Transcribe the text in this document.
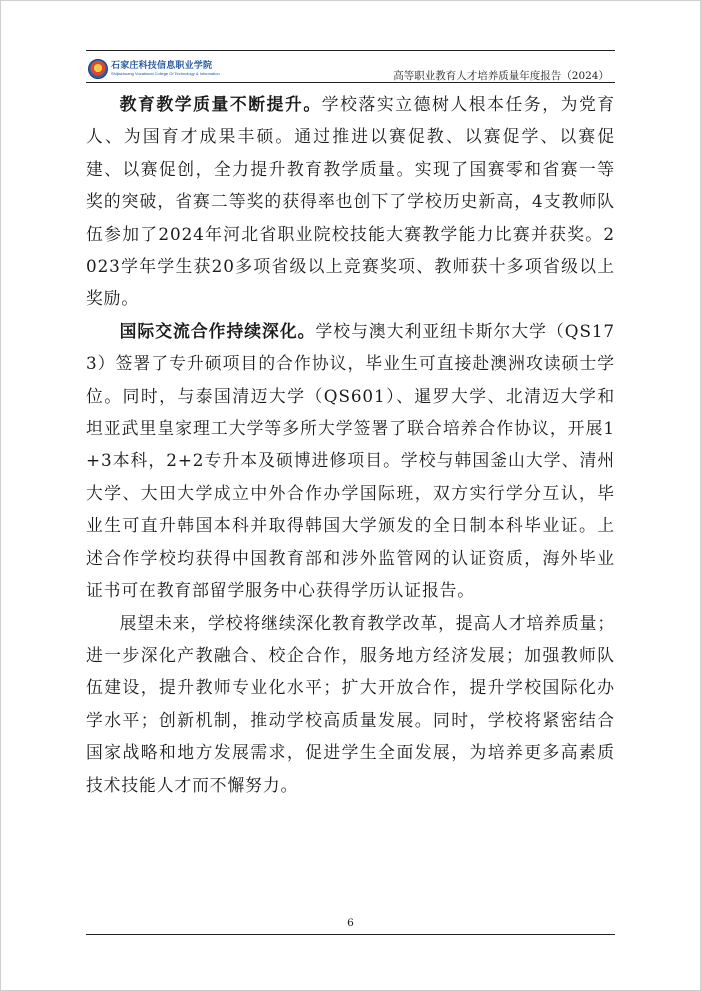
石家庄科技信息职业学院
Shijiazhuang Vocational College Of Technology & Information	高等职业教育人才培养质量年度报告（2024）

教育教学质量不断提升。学校落实立德树人根本任务，为党育人、为国育才成果丰硕。通过推进以赛促教、以赛促学、以赛促建、以赛促创，全力提升教育教学质量。实现了国赛零和省赛一等奖的突破，省赛二等奖的获得率也创下了学校历史新高，4支教师队伍参加了2024年河北省职业院校技能大赛教学能力比赛并获奖。2023学年学生获20多项省级以上竞赛奖项、教师获十多项省级以上奖励。

国际交流合作持续深化。学校与澳大利亚纽卡斯尔大学（QS173）签署了专升硕项目的合作协议，毕业生可直接赴澳洲攻读硕士学位。同时，与泰国清迈大学（QS601）、暹罗大学、北清迈大学和坦亚武里皇家理工大学等多所大学签署了联合培养合作协议，开展1+3本科，2+2专升本及硕博进修项目。学校与韩国釜山大学、清州大学、大田大学成立中外合作办学国际班，双方实行学分互认，毕业生可直升韩国本科并取得韩国大学颁发的全日制本科毕业证。上述合作学校均获得中国教育部和涉外监管网的认证资质，海外毕业证书可在教育部留学服务中心获得学历认证报告。

展望未来，学校将继续深化教育教学改革，提高人才培养质量；进一步深化产教融合、校企合作，服务地方经济发展；加强教师队伍建设，提升教师专业化水平；扩大开放合作，提升学校国际化办学水平；创新机制，推动学校高质量发展。同时，学校将紧密结合国家战略和地方发展需求，促进学生全面发展，为培养更多高素质技术技能人才而不懈努力。

6
